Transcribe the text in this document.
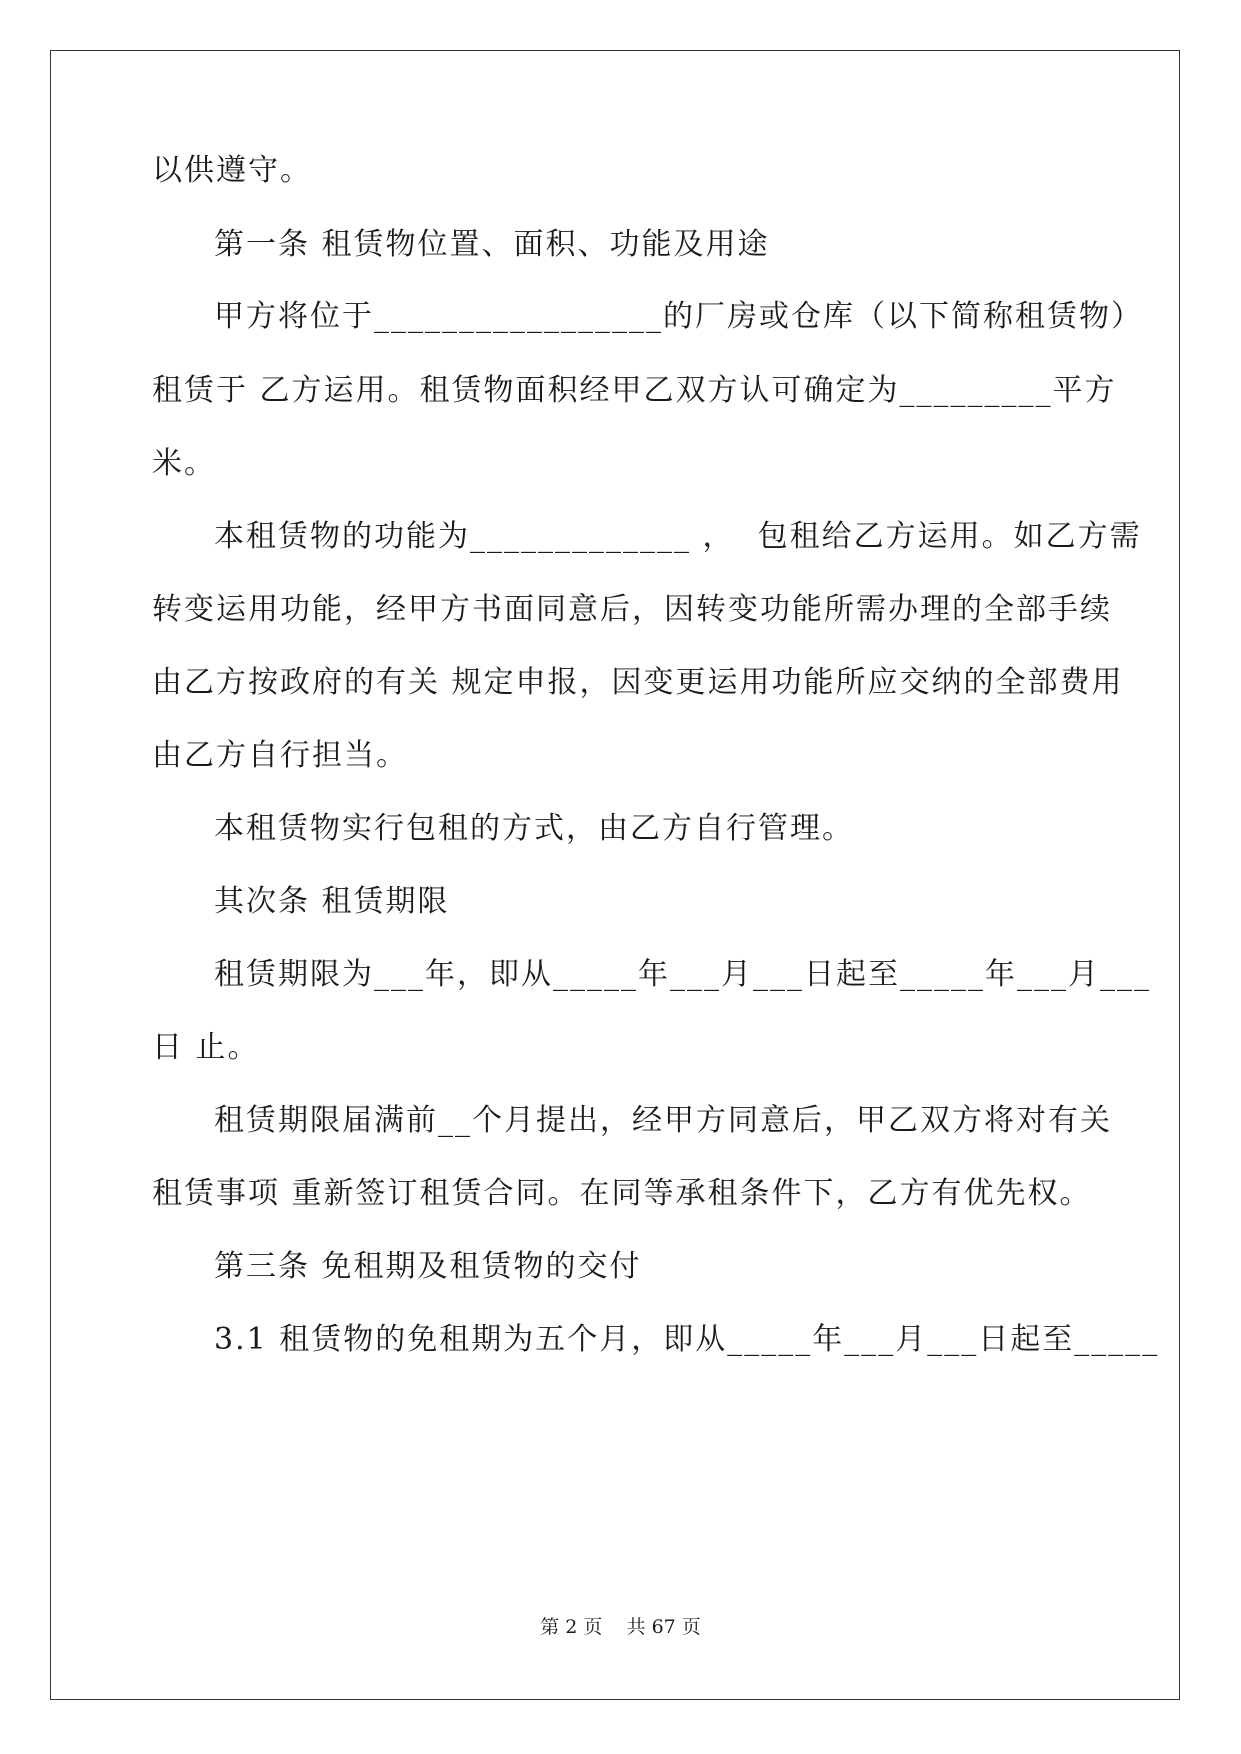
以供遵守。

第一条 租赁物位置、面积、功能及用途

甲方将位于_________________的厂房或仓库（以下简称租赁物）

租赁于 乙方运用。租赁物面积经甲乙双方认可确定为_________平方

米。

本租赁物的功能为_____________ ，  包租给乙方运用。如乙方需

转变运用功能，经甲方书面同意后，因转变功能所需办理的全部手续

由乙方按政府的有关 规定申报，因变更运用功能所应交纳的全部费用

由乙方自行担当。

本租赁物实行包租的方式，由乙方自行管理。

其次条 租赁期限

租赁期限为___年，即从_____年___月___日起至_____年___月___

日 止。

租赁期限届满前__个月提出，经甲方同意后，甲乙双方将对有关

租赁事项 重新签订租赁合同。在同等承租条件下，乙方有优先权。

第三条 免租期及租赁物的交付

3.1 租赁物的免租期为五个月，即从_____年___月___日起至_____

第 2 页    共 67 页
